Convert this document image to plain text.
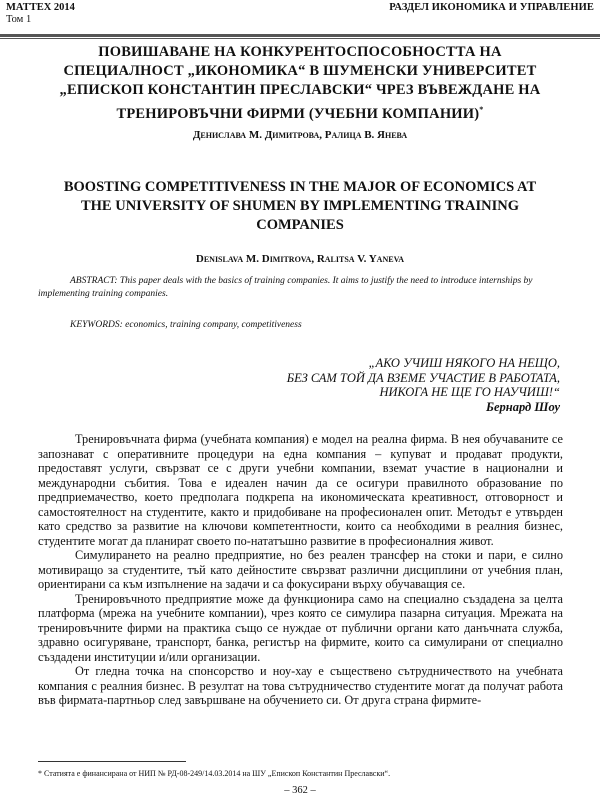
MATTEX 2014
Том 1
РАЗДЕЛ ИКОНОМИКА И УПРАВЛЕНИЕ
ПОВИШАВАНЕ НА КОНКУРЕНТОСПОСОБНОСТТА НА
СПЕЦИАЛНОСТ „ИКОНОМИКА“ В ШУМЕНСКИ УНИВЕРСИТЕТ
„ЕПИСКОП КОНСТАНТИН ПРЕСЛАВСКИ“ ЧРЕЗ ВЪВЕЖДАНЕ НА
ТРЕНИРОВЪЧНИ ФИРМИ (УЧЕБНИ КОМПАНИИ)*
Денислава М. Димитрова, Ралица В. Янева
BOOSTING COMPETITIVENESS IN THE MAJOR OF ECONOMICS AT
THE UNIVERSITY OF SHUMEN BY IMPLEMENTING TRAINING
COMPANIES
Denislava M. Dimitrova, Ralitsa V. Yaneva
ABSTRACT: This paper deals with the basics of training companies. It aims to justify the need to introduce internships by implementing training companies.
KEYWORDS: economics, training company, competitiveness
„АКО УЧИШ НЯКОГО НА НЕЩО,
БЕЗ САМ ТОЙ ДА ВЗЕМЕ УЧАСТИЕ В РАБОТАТА,
НИКОГА НЕ ЩЕ ГО НАУЧИШ!“
Бернард Шоу

Тренировъчната фирма (учебната компания) е модел на реална фирма. В нея обучаваните се запознават с оперативните процедури на една компания – купуват и продават продукти, предоставят услуги, свързват се с други учебни компании, вземат участие в национални и международни събития. Това е идеален начин да се осигури правилното образование по предприемачество, което предполага подкрепа на икономическата креативност, отговорност и самостоятелност на студентите, както и придобиване на професионален опит. Методът е утвърден като средство за развитие на ключови компетентности, които са необходими в реалния бизнес, студентите могат да планират своето по-нататъшно развитие в професионалния живот.

Симулирането на реално предприятие, но без реален трансфер на стоки и пари, е силно мотивиращо за студентите, тъй като дейностите свързват различни дисциплини от учебния план, ориентирани са към изпълнение на задачи и са фокусирани върху обучаващия се.

Тренировъчното предприятие може да функционира само на специално създадена за целта платформа (мрежа на учебните компании), чрез която се симулира пазарна ситуация. Мрежата на тренировъчните фирми на практика също се нуждае от публични органи като данъчната служба, здравно осигуряване, транспорт, банка, регистър на фирмите, които са симулирани от специално създадени институции и/или организации.

От гледна точка на спонсорство и ноу-хау е съществено сътрудничеството на учебната компания с реалния бизнес. В резултат на това сътрудничество студентите могат да получат работа във фирмата-партньор след завършване на обучението си. От друга страна фирмите-

* Статията е финансирана от НИП № РД-08-249/14.03.2014 на ШУ „Епископ Константин Преславски“.
– 362 –
